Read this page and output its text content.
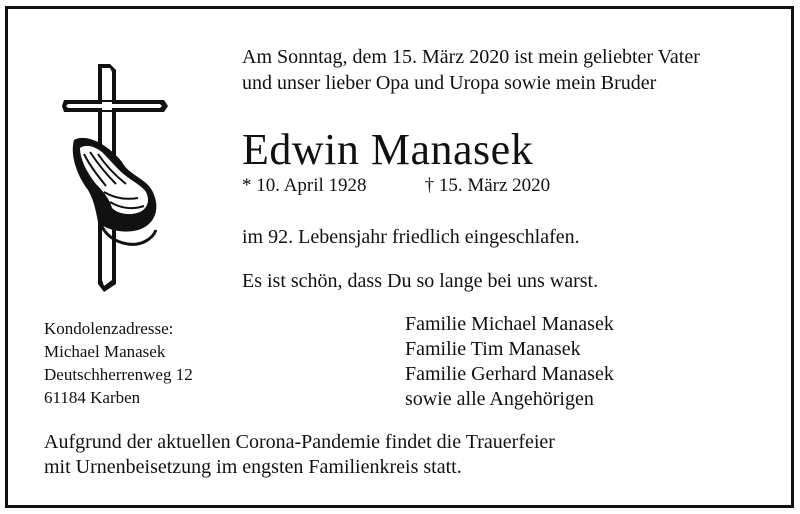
Am Sonntag, dem 15. März 2020 ist mein geliebter Vater
und unser lieber Opa und Uropa sowie mein Bruder
Edwin Manasek
* 10. April 1928	† 15. März 2020
im 92. Lebensjahr friedlich eingeschlafen.
Es ist schön, dass Du so lange bei uns warst.
Kondolenzadresse:
Michael Manasek
Deutschherrenweg 12
61184 Karben
Familie Michael Manasek
Familie Tim Manasek
Familie Gerhard Manasek
sowie alle Angehörigen
Aufgrund der aktuellen Corona-Pandemie findet die Trauerfeier
mit Urnenbeisetzung im engsten Familienkreis statt.
